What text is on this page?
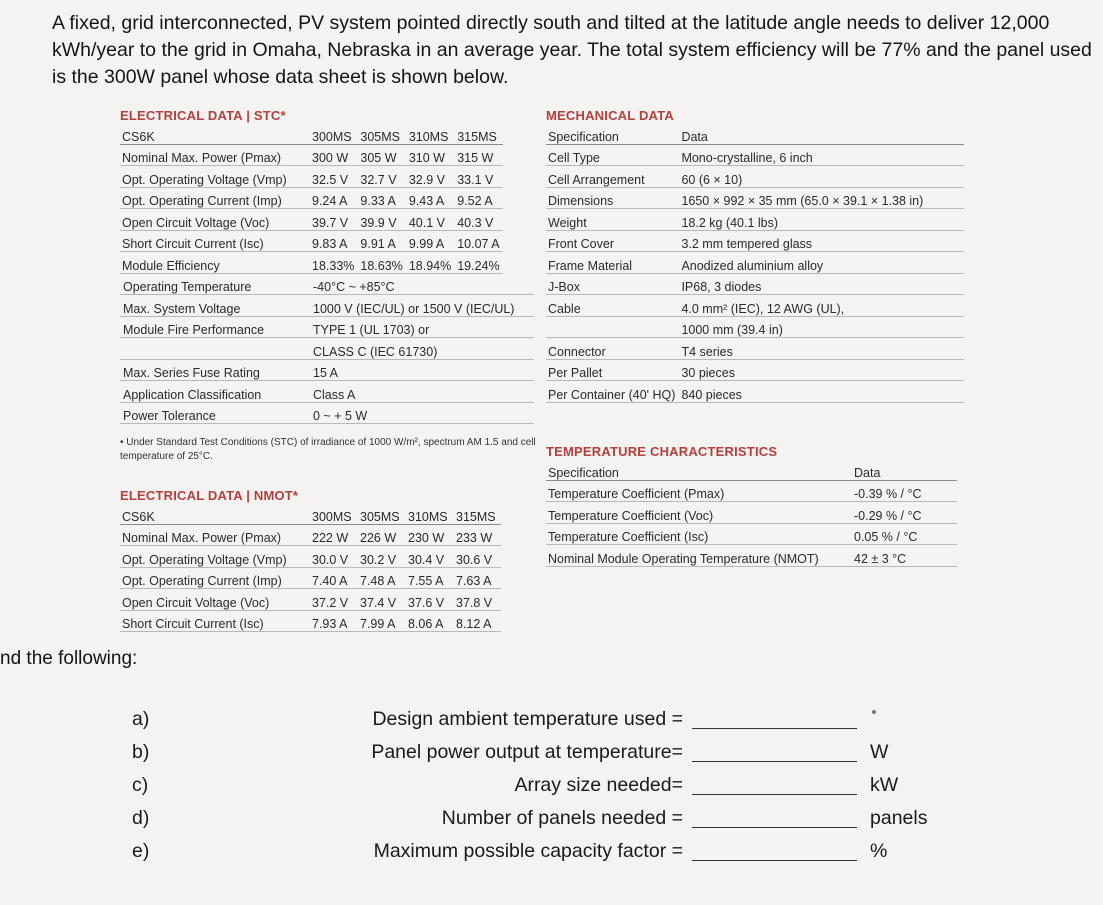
A fixed, grid interconnected, PV system pointed directly south and tilted at the latitude angle needs to deliver 12,000 kWh/year to the grid in Omaha, Nebraska in an average year. The total system efficiency will be 77% and the panel used is the 300W panel whose data sheet is shown below.
ELECTRICAL DATA | STC*
CS6K	300MS	305MS	310MS	315MS
Nominal Max. Power (Pmax)	300 W	305 W	310 W	315 W
Opt. Operating Voltage (Vmp)	32.5 V	32.7 V	32.9 V	33.1 V
Opt. Operating Current (Imp)	9.24 A	9.33 A	9.43 A	9.52 A
Open Circuit Voltage (Voc)	39.7 V	39.9 V	40.1 V	40.3 V
Short Circuit Current (Isc)	9.83 A	9.91 A	9.99 A	10.07 A
Module Efficiency	18.33%	18.63%	18.94%	19.24%
Operating Temperature	-40°C ~ +85°C
Max. System Voltage	1000 V (IEC/UL) or 1500 V (IEC/UL)
Module Fire Performance	TYPE 1 (UL 1703) or
	CLASS C (IEC 61730)
Max. Series Fuse Rating	15 A
Application Classification	Class A
Power Tolerance	0 ~ + 5 W
• Under Standard Test Conditions (STC) of irradiance of 1000 W/m², spectrum AM 1.5 and cell temperature of 25°C.
ELECTRICAL DATA | NMOT*
CS6K	300MS	305MS	310MS	315MS
Nominal Max. Power (Pmax)	222 W	226 W	230 W	233 W
Opt. Operating Voltage (Vmp)	30.0 V	30.2 V	30.4 V	30.6 V
Opt. Operating Current (Imp)	7.40 A	7.48 A	7.55 A	7.63 A
Open Circuit Voltage (Voc)	37.2 V	37.4 V	37.6 V	37.8 V
Short Circuit Current (Isc)	7.93 A	7.99 A	8.06 A	8.12 A
MECHANICAL DATA
Specification	Data
Cell Type	Mono-crystalline, 6 inch
Cell Arrangement	60 (6 × 10)
Dimensions	1650 × 992 × 35 mm (65.0 × 39.1 × 1.38 in)
Weight	18.2 kg (40.1 lbs)
Front Cover	3.2 mm tempered glass
Frame Material	Anodized aluminium alloy
J-Box	IP68, 3 diodes
Cable	4.0 mm² (IEC), 12 AWG (UL),
	1000 mm (39.4 in)
Connector	T4 series
Per Pallet	30 pieces
Per Container (40' HQ)	840 pieces
TEMPERATURE CHARACTERISTICS
Specification	Data
Temperature Coefficient (Pmax)	-0.39 % / °C
Temperature Coefficient (Voc)	-0.29 % / °C
Temperature Coefficient (Isc)	0.05 % / °C
Nominal Module Operating Temperature (NMOT)	42 ± 3 °C
nd the following:
a)	Design ambient temperature used =
b)	Panel power output at temperature=	W
c)	Array size needed=	kW
d)	Number of panels needed =	panels
e)	Maximum possible capacity factor =	%
